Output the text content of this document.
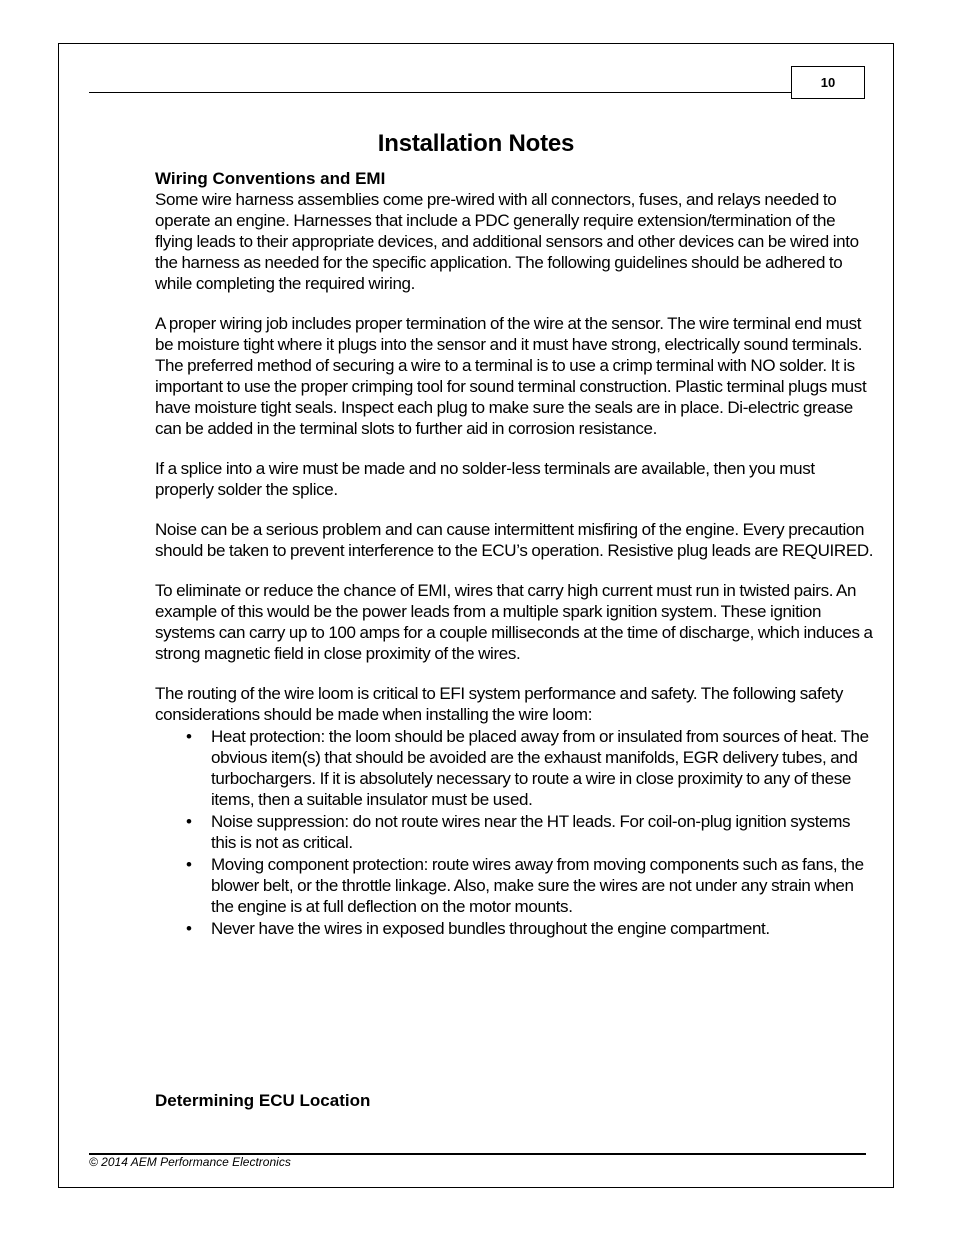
10
Installation Notes
Wiring Conventions and EMI

Some wire harness assemblies come pre-wired with all connectors, fuses, and relays needed to operate an engine. Harnesses that include a PDC generally require extension/termination of the flying leads to their appropriate devices, and additional sensors and other devices can be wired into the harness as needed for the specific application. The following guidelines should be adhered to while completing the required wiring.

A proper wiring job includes proper termination of the wire at the sensor. The wire terminal end must be moisture tight where it plugs into the sensor and it must have strong, electrically sound terminals. The preferred method of securing a wire to a terminal is to use a crimp terminal with NO solder. It is important to use the proper crimping tool for sound terminal construction. Plastic terminal plugs must have moisture tight seals. Inspect each plug to make sure the seals are in place. Di-electric grease can be added in the terminal slots to further aid in corrosion resistance.

If a splice into a wire must be made and no solder-less terminals are available, then you must properly solder the splice.

Noise can be a serious problem and can cause intermittent misfiring of the engine. Every precaution should be taken to prevent interference to the ECU’s operation. Resistive plug leads are REQUIRED.

To eliminate or reduce the chance of EMI, wires that carry high current must run in twisted pairs. An example of this would be the power leads from a multiple spark ignition system. These ignition systems can carry up to 100 amps for a couple milliseconds at the time of discharge, which induces a strong magnetic field in close proximity of the wires.

The routing of the wire loom is critical to EFI system performance and safety. The following safety considerations should be made when installing the wire loom:

• Heat protection: the loom should be placed away from or insulated from sources of heat. The obvious item(s) that should be avoided are the exhaust manifolds, EGR delivery tubes, and turbochargers. If it is absolutely necessary to route a wire in close proximity to any of these items, then a suitable insulator must be used.
• Noise suppression: do not route wires near the HT leads. For coil-on-plug ignition systems this is not as critical.
• Moving component protection: route wires away from moving components such as fans, the blower belt, or the throttle linkage. Also, make sure the wires are not under any strain when the engine is at full deflection on the motor mounts.
• Never have the wires in exposed bundles throughout the engine compartment.
Determining ECU Location
© 2014 AEM Performance Electronics
